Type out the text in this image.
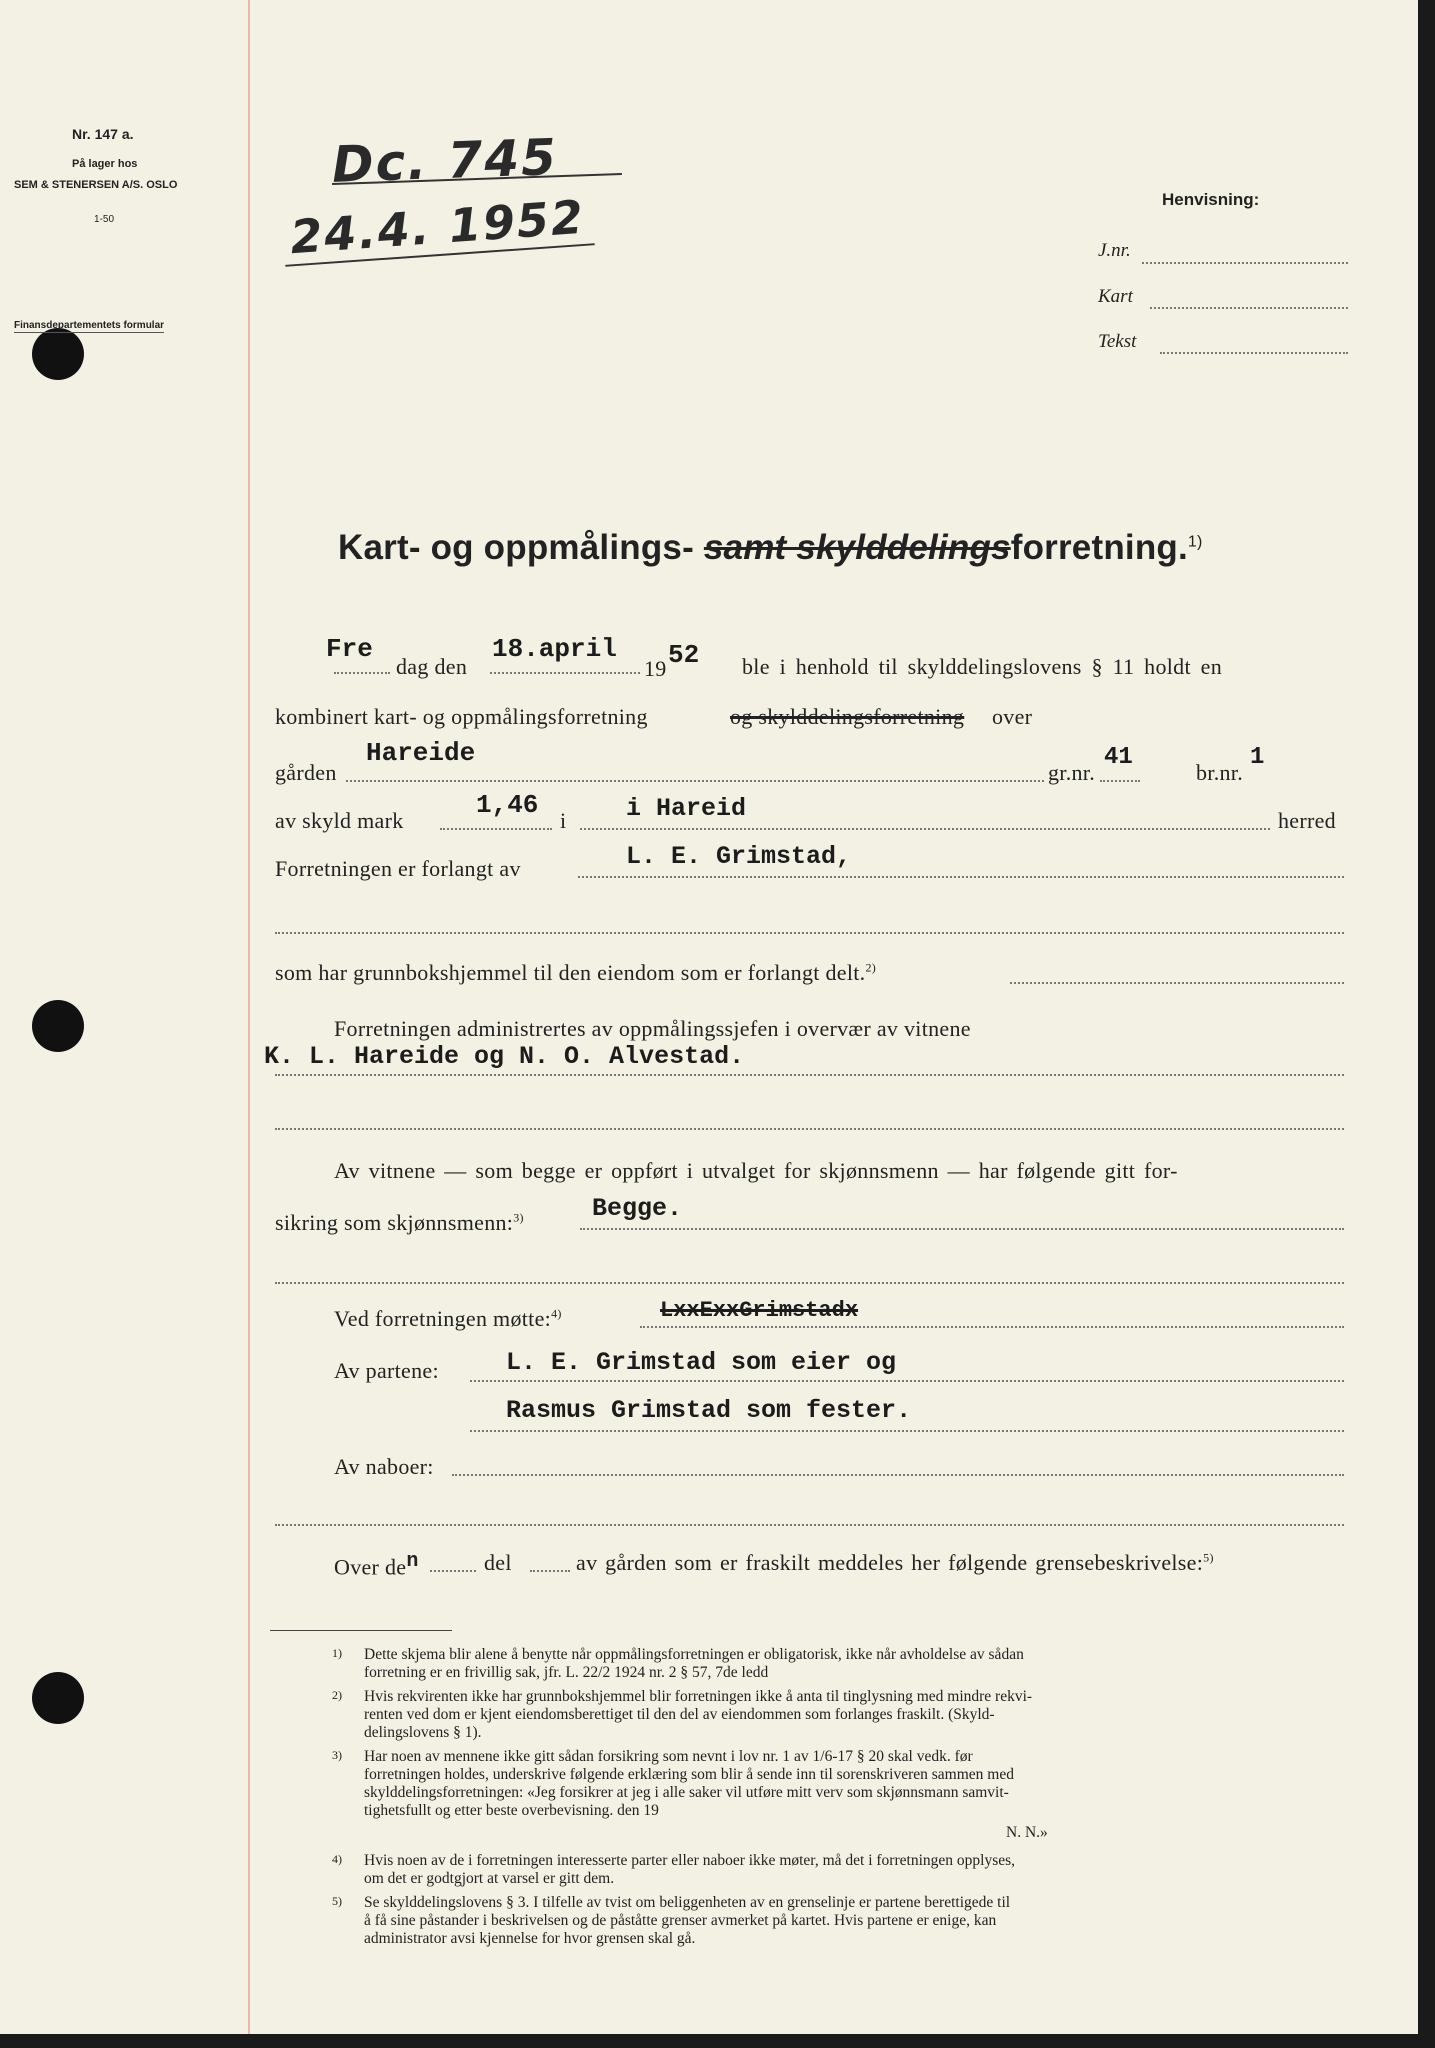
Nr. 147 a.
På lager hos
SEM & STENERSEN A/S. OSLO
1-50
Finansdepartementets formular
Dc. 745
24.4. 1952	Henvisning:
J.nr.
Kart
Tekst
Kart- og oppmålings- samt skylddelingsforretning.$^{1)}$
Fre
dag den
18.april
19 52 ble i henhold til skylddelingslovens § 11 holdt en
kombinert kart- og oppmålingsforretning	og skylddelingsforretning over
gården
Hareide
gr.nr.
41
br.nr.
1
av skyld mark
1,46
i i Hareid	herred
Forretningen er forlangt av	L. E. Grimstad,
som har grunnbokshjemmel til den eiendom som er forlangt delt.$^{2)}$
Forretningen administrertes av oppmålingssjefen i overvær av vitnene
K. L. Hareide og N. O. Alvestad.
Av vitnene — som begge er oppført i utvalget for skjønnsmenn — har følgende gitt for-
sikring som skjønnsmenn:$^{3)}$	Begge.
Ved forretningen møtte:$^{4)}$	LxxExxGrimstadx
Av partene:	L. E. Grimstad som eier og
Rasmus Grimstad som fester.
Av naboer:
Over $de^n$	del	av gården som er fraskilt meddeles her følgende grensebeskrivelse:$^{5)}$
1) Dette skjema blir alene å benytte når oppmålingsforretningen er obligatorisk, ikke når avholdelse av sådan
forretning er en frivillig sak, jfr. L. 22/2 1924 nr. 2 § 57, 7de ledd
2) Hvis rekvirenten ikke har grunnbokshjemmel blir forretningen ikke å anta til tinglysning med mindre rekvi-
renten ved dom er kjent eiendomsberettiget til den del av eiendommen som forlanges fraskilt. (Skyld-
delingslovens § 1).
3) Har noen av mennene ikke gitt sådan forsikring som nevnt i lov nr. 1 av 1/6-17 § 20 skal vedk. før
forretningen holdes, underskrive følgende erklæring som blir å sende inn til sorenskriveren sammen med
skylddelingsforretningen: «Jeg forsikrer at jeg i alle saker vil utføre mitt verv som skjønnsmann samvit-
tighetsfullt og etter beste overbevisning. den 19
N. N.»
4) Hvis noen av de i forretningen interesserte parter eller naboer ikke møter, må det i forretningen opplyses,
om det er godtgjort at varsel er gitt dem.
5) Se skylddelingslovens § 3. I tilfelle av tvist om beliggenheten av en grenselinje er partene berettigede til
å få sine påstander i beskrivelsen og de påståtte grenser avmerket på kartet. Hvis partene er enige, kan
administrator avsi kjennelse for hvor grensen skal gå.
